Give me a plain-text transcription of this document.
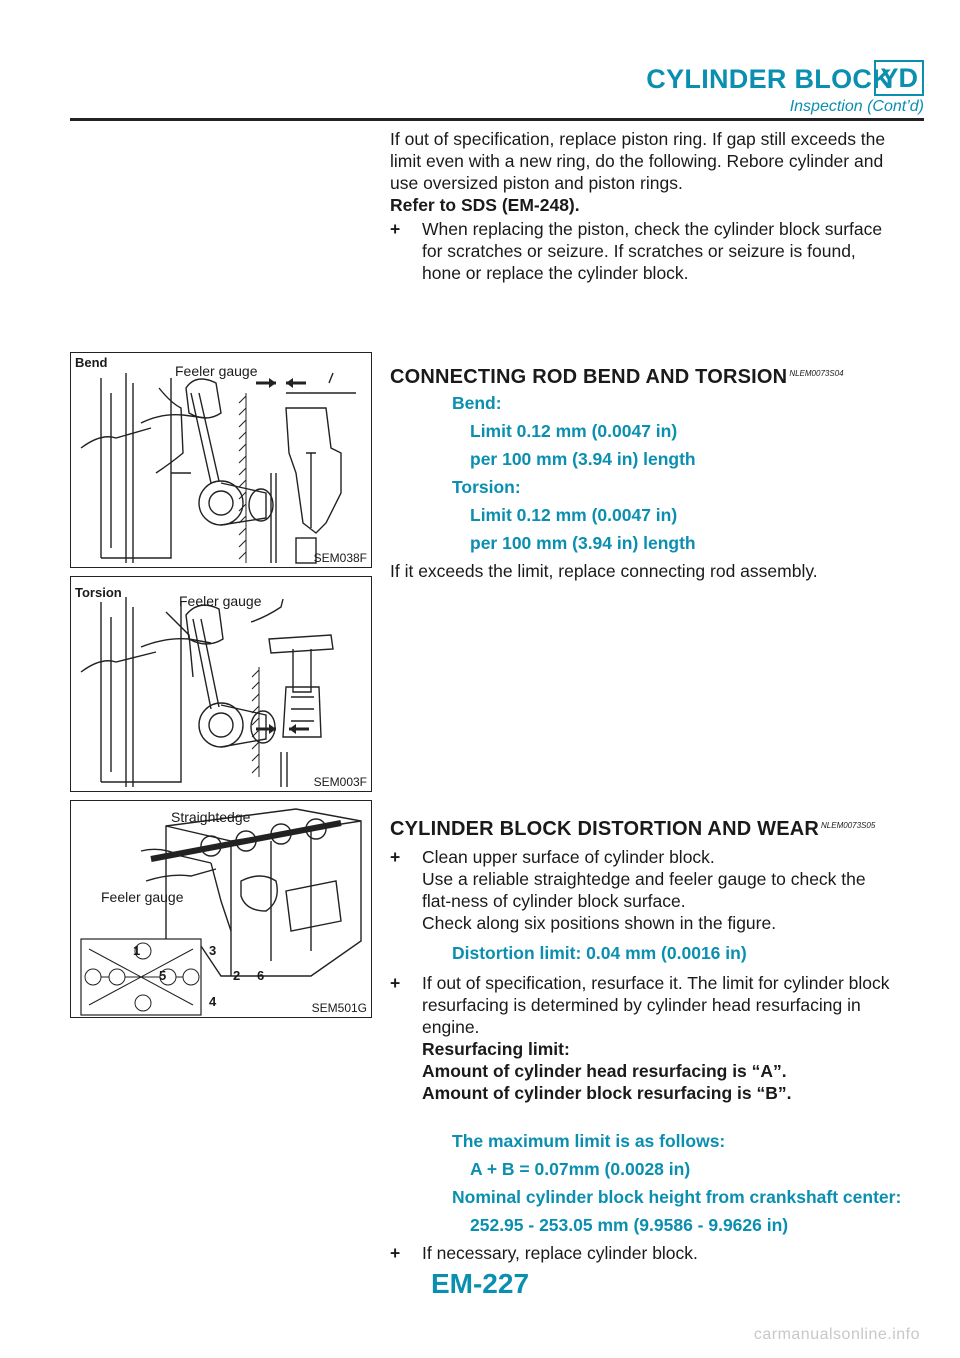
CYLINDER BLOCK
YD
Inspection (Cont’d)
If out of specification, replace piston ring. If gap still exceeds the limit even with a new ring, do the following. Rebore cylinder and use oversized piston and piston rings.
Refer to SDS (EM-248).
+ When replacing the piston, check the cylinder block surface for scratches or seizure. If scratches or seizure is found, hone or replace the cylinder block.
Bend
Feeler gauge
SEM038F
Torsion
Feeler gauge
SEM003F
1
2
3
4
5	6
Straightedge
Feeler gauge
SEM501G
CONNECTING ROD BEND AND TORSION $^{NLEM0073S04}$
Bend:
Limit 0.12 mm (0.0047 in)
per 100 mm (3.94 in) length
Torsion:
Limit 0.12 mm (0.0047 in)
per 100 mm (3.94 in) length
If it exceeds the limit, replace connecting rod assembly.
CYLINDER BLOCK DISTORTION AND WEAR $^{NLEM0073S05}$
+ Clean upper surface of cylinder block.
Use a reliable straightedge and feeler gauge to check the flat-ness of cylinder block surface.
Check along six positions shown in the figure.
Distortion limit: 0.04 mm (0.0016 in)
+ If out of specification, resurface it. The limit for cylinder block resurfacing is determined by cylinder head resurfacing in engine.
Resurfacing limit:
Amount of cylinder head resurfacing is “A”.
Amount of cylinder block resurfacing is “B”.
The maximum limit is as follows:
A + B = 0.07mm (0.0028 in)
Nominal cylinder block height from crankshaft center:
252.95 - 253.05 mm (9.9586 - 9.9626 in)
+ If necessary, replace cylinder block.
EM-227
carmanualsonline.info
